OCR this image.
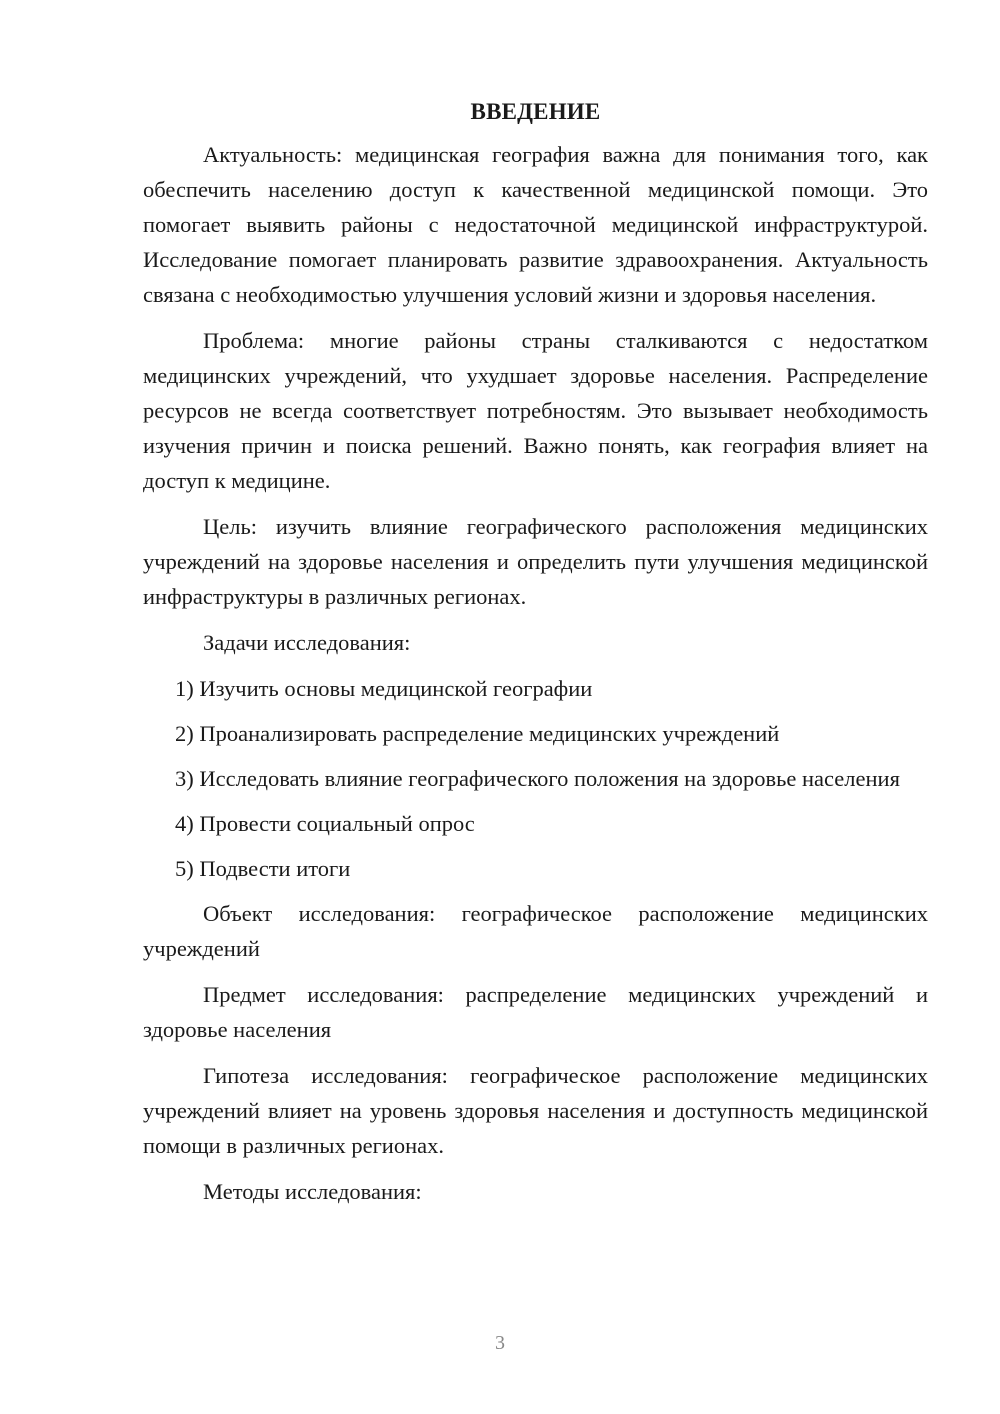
ВВЕДЕНИЕ

Актуальность: медицинская география важна для понимания того, как обеспечить населению доступ к качественной медицинской помощи. Это помогает выявить районы с недостаточной медицинской инфраструктурой. Исследование помогает планировать развитие здравоохранения. Актуальность связана с необходимостью улучшения условий жизни и здоровья населения.

Проблема: многие районы страны сталкиваются с недостатком медицинских учреждений, что ухудшает здоровье населения. Распределение ресурсов не всегда соответствует потребностям. Это вызывает необходимость изучения причин и поиска решений. Важно понять, как география влияет на доступ к медицине.

Цель: изучить влияние географического расположения медицинских учреждений на здоровье населения и определить пути улучшения медицинской инфраструктуры в различных регионах.

Задачи исследования:

1) Изучить основы медицинской географии

2) Проанализировать распределение медицинских учреждений

3) Исследовать влияние географического положения на здоровье населения

4) Провести социальный опрос

5) Подвести итоги

Объект исследования: географическое расположение медицинских учреждений

Предмет исследования: распределение медицинских учреждений и здоровье населения

Гипотеза исследования: географическое расположение медицинских учреждений влияет на уровень здоровья населения и доступность медицинской помощи в различных регионах.

Методы исследования:

3
